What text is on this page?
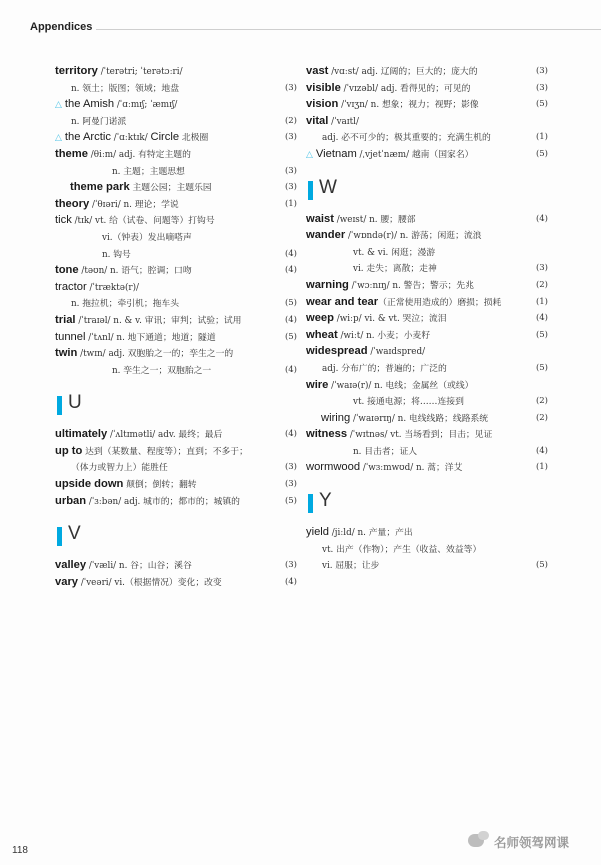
Appendices
territory /ˈterətri; ˈterətɔːri/
n. 领土；版图；领域；地盘	(3)
△ the Amish /ˈɑːmɪʃ; ˈæmɪʃ/
n. 阿曼门诺派	(2)
△ the Arctic /ˈɑːktɪk/ Circle 北极圈	(3)
theme /θiːm/ adj. 有特定主题的
n. 主题；主题思想	(3)
theme park 主题公园；主题乐园	(3)
theory /ˈθɪəri/ n. 理论；学说	(1)
tick /tɪk/ vt. 给（试卷、问题等）打钩号
vi.（钟表）发出嘀嗒声
n. 钩号	(4)
tone /təʊn/ n. 语气；腔调；口吻	(4)
tractor /ˈtræktə(r)/
n. 拖拉机；牵引机；拖车头	(5)
trial /ˈtraɪəl/ n. & v. 审讯；审判；试验；试用	(4)
tunnel /ˈtʌnl/ n. 地下通道；地道；隧道	(5)
twin /twɪn/ adj. 双胞胎之一的；孪生之一的
n. 孪生之一；双胞胎之一	(4)
U
ultimately /ˈʌltɪmətli/ adv. 最终；最后	(4)
up to 达到（某数量、程度等）；直到；不多于；
（体力或智力上）能胜任	(3)
upside down 颠倒；倒转；翻转	(3)
urban /ˈɜːbən/ adj. 城市的；都市的；城镇的	(5)
V
valley /ˈvæli/ n. 谷；山谷；溪谷	(3)
vary /ˈveəri/ vi.（根据情况）变化；改变	(4)
vast /vɑːst/ adj. 辽阔的；巨大的；庞大的	(3)
visible /ˈvɪzəbl/ adj. 看得见的；可见的	(3)
vision /ˈvɪʒn/ n. 想象；视力；视野；影像	(5)
vital /ˈvaɪtl/
adj. 必不可少的；极其重要的；充满生机的	(1)
△ Vietnam /ˌvjetˈnæm/ 越南（国家名）	(5)
W
waist /weɪst/ n. 腰；腰部	(4)
wander /ˈwɒndə(r)/ n. 游荡；闲逛；流浪
vt. & vi. 闲逛；漫游
vi. 走失；离散；走神	(3)
warning /ˈwɔːnɪŋ/ n. 警告；警示；先兆	(2)
wear and tear（正常使用造成的）磨损；损耗	(1)
weep /wiːp/ vi. & vt. 哭泣；流泪	(4)
wheat /wiːt/ n. 小麦；小麦籽	(5)
widespread /ˈwaɪdspred/
adj. 分布广的；普遍的；广泛的	(5)
wire /ˈwaɪə(r)/ n. 电线；金属丝（或线）
vt. 接通电源；将……连接到	(2)
wiring /ˈwaɪərɪŋ/ n. 电线线路；线路系统	(2)
witness /ˈwɪtnəs/ vt. 当场看到；目击；见证
n. 目击者；证人	(4)
wormwood /ˈwɜːmwʊd/ n. 蒿；洋艾	(1)
Y
yield /jiːld/ n. 产量；产出
vt. 出产（作物）；产生（收益、效益等）
vi. 屈服；让步	(5)
118
名师领驾网课
